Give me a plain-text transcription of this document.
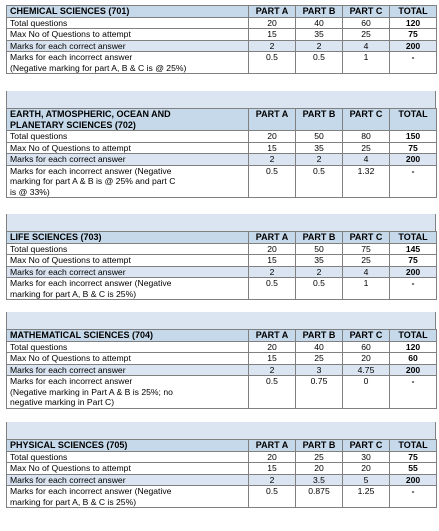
CHEMICAL SCIENCES (701)	PART A	PART B	PART C	TOTAL
Total questions	20	40	60	120
Max No of Questions to attempt	15	35	25	75
Marks for each correct answer	2	2	4	200
Marks for each incorrect answer
(Negative marking for part A, B & C is @ 25%)	0.5	0.5	1	-
EARTH, ATMOSPHERIC, OCEAN AND
PLANETARY SCIENCES (702)	PART A	PART B	PART C	TOTAL
Total questions	20	50	80	150
Max No of Questions to attempt	15	35	25	75
Marks for each correct answer	2	2	4	200
Marks for each incorrect answer (Negative
marking for part A & B is @ 25% and part C
is @ 33%)	0.5	0.5	1.32	-
LIFE SCIENCES (703)	PART A	PART B	PART C	TOTAL
Total questions	20	50	75	145
Max No of Questions to attempt	15	35	25	75
Marks for each correct answer	2	2	4	200
Marks for each incorrect answer (Negative
marking for part A, B & C is 25%)	0.5	0.5	1	-
MATHEMATICAL SCIENCES (704)	PART A	PART B	PART C	TOTAL
Total questions	20	40	60	120
Max No of Questions to attempt	15	25	20	60
Marks for each correct answer	2	3	4.75	200
Marks for each incorrect answer
(Negative marking in Part A & B is 25%; no
negative marking in Part C)	0.5	0.75	0	-
PHYSICAL SCIENCES (705)	PART A	PART B	PART C	TOTAL
Total questions	20	25	30	75
Max No of Questions to attempt	15	20	20	55
Marks for each correct answer	2	3.5	5	200
Marks for each incorrect answer (Negative
marking for part A, B & C is 25%)	0.5	0.875	1.25	-
